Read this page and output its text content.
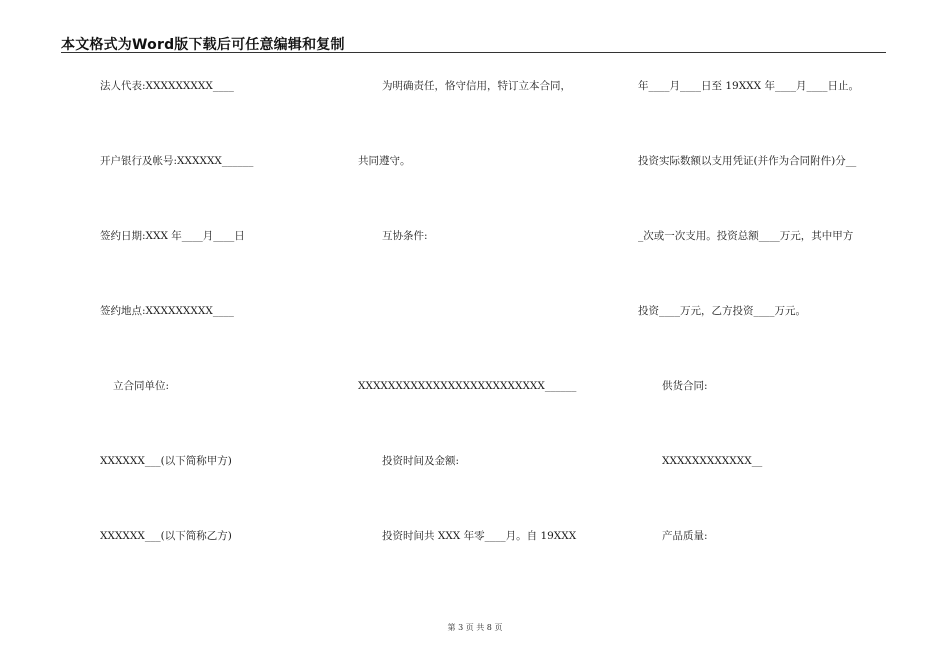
本文格式为Word版下载后可任意编辑和复制
法人代表:XXXXXXXXX____
开户银行及帐号:XXXXXX______
签约日期:XXX 年____月____日
签约地点:XXXXXXXXX____
立合同单位:
XXXXXX___(以下简称甲方)
XXXXXX___(以下简称乙方)
为明确责任，恪守信用，特订立本合同，
共同遵守。
互协条件:
XXXXXXXXXXXXXXXXXXXXXXXXX______
投资时间及金额:
投资时间共 XXX 年零____月。自 19XXX
年____月____日至 19XXX 年____月____日止。
投资实际数额以支用凭证(并作为合同附件)分__
_次或一次支用。投资总额____万元，其中甲方
投资____万元，乙方投资____万元。
供货合同:
XXXXXXXXXXXX__
产品质量:
第 3 页 共 8 页
